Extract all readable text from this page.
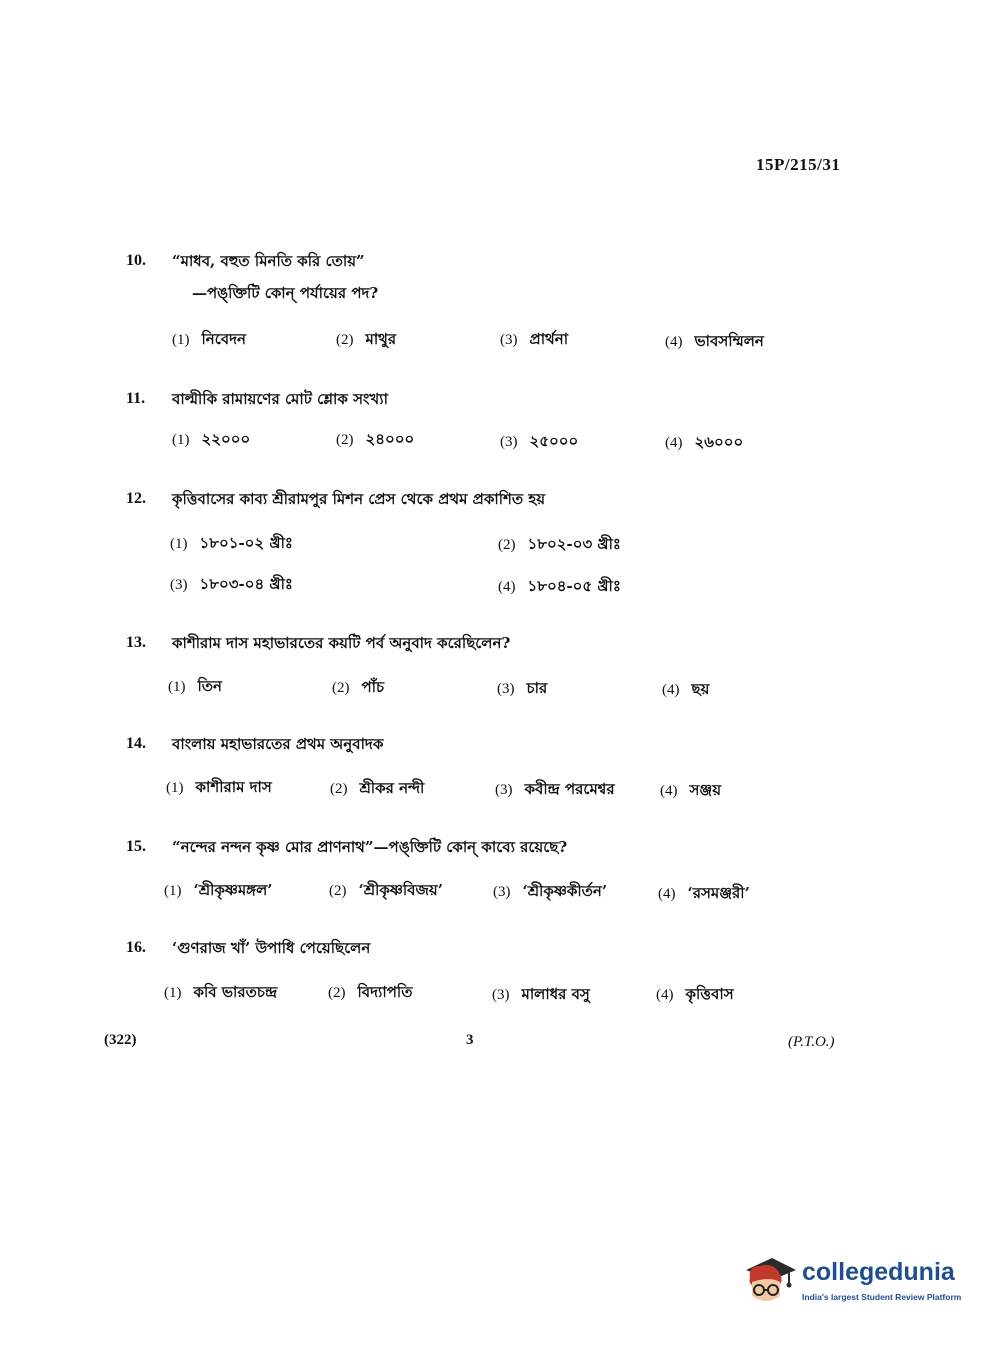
15P/215/31
10. “মাধব, বহুত মিনতি করি তোয়”
—পঙ্‌ক্তিটি কোন্‌ পর্যায়ের পদ?
(1) নিবেদন	(2) মাথুর	(3) প্রার্থনা	(4) ভাবসম্মিলন
11. বাল্মীকি রামায়ণের মোট শ্লোক সংখ্যা
(1) ২২০০০	(2) ২৪০০০	(3) ২৫০০০	(4) ২৬০০০
12. কৃত্তিবাসের কাব্য শ্রীরামপুর মিশন প্রেস থেকে প্রথম প্রকাশিত হয়
(1) ১৮০১-০২ খ্রীঃ	(2) ১৮০২-০৩ খ্রীঃ
(3) ১৮০৩-০৪ খ্রীঃ	(4) ১৮০৪-০৫ খ্রীঃ
13. কাশীরাম দাস মহাভারতের কয়টি পর্ব অনুবাদ করেছিলেন?
(1) তিন	(2) পাঁচ	(3) চার	(4) ছয়
14. বাংলায় মহাভারতের প্রথম অনুবাদক
(1) কাশীরাম দাস	(2) শ্রীকর নন্দী	(3) কবীন্দ্র পরমেশ্বর	(4) সঞ্জয়
15. “নন্দের নন্দন কৃষ্ণ মোর প্রাণনাথ”—পঙ্‌ক্তিটি কোন্‌ কাব্যে রয়েছে?
(1) ‘শ্রীকৃষ্ণমঙ্গল’	(2) ‘শ্রীকৃষ্ণবিজয়’	(3) ‘শ্রীকৃষ্ণকীর্তন’	(4) ‘রসমঞ্জরী’
16. ‘গুণরাজ খাঁ’ উপাধি পেয়েছিলেন
(1) কবি ভারতচন্দ্র	(2) বিদ্যাপতি	(3) মালাধর বসু	(4) কৃত্তিবাস
(322)	3	(P.T.O.)
collegedunia
India's largest Student Review Platform
